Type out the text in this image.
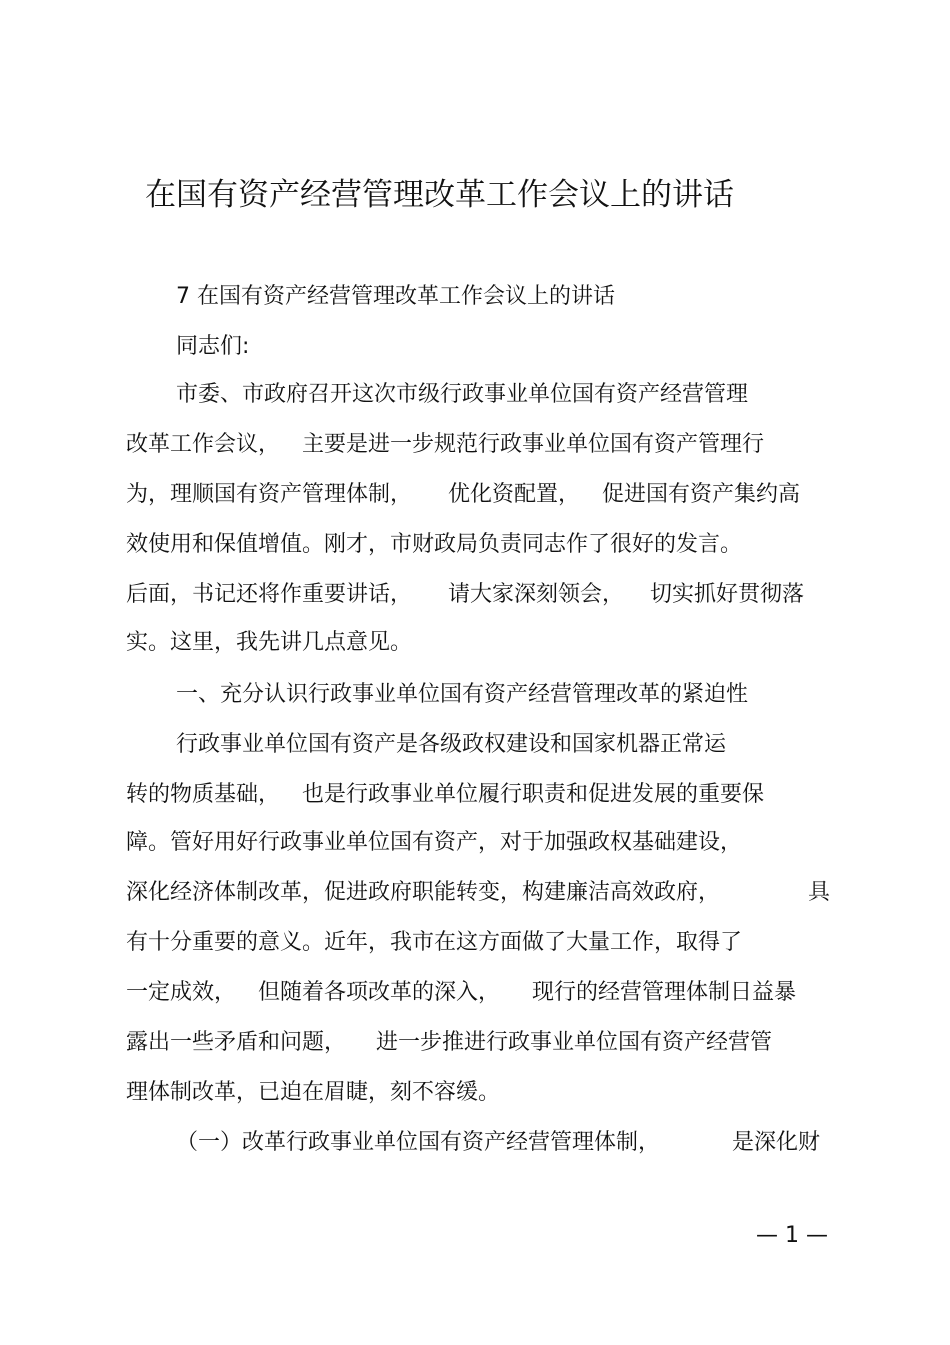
在国有资产经营管理改革工作会议上的讲话
7 在国有资产经营管理改革工作会议上的讲话
同志们:
市委、市政府召开这次市级行政事业单位国有资产经营管理
改革工作会议， 主要是进一步规范行政事业单位国有资产管理行
为，理顺国有资产管理体制， 优化资配置， 促进国有资产集约高
效使用和保值增值。刚才，市财政局负责同志作了很好的发言。
后面，书记还将作重要讲话， 请大家深刻领会， 切实抓好贯彻落
实。这里，我先讲几点意见。
一、充分认识行政事业单位国有资产经营管理改革的紧迫性
行政事业单位国有资产是各级政权建设和国家机器正常运
转的物质基础， 也是行政事业单位履行职责和促进发展的重要保
障。管好用好行政事业单位国有资产，对于加强政权基础建设，
深化经济体制改革，促进政府职能转变，构建廉洁高效政府，	具
有十分重要的意义。近年，我市在这方面做了大量工作，取得了
一定成效， 但随着各项改革的深入， 现行的经营管理体制日益暴
露出一些矛盾和问题， 进一步推进行政事业单位国有资产经营管
理体制改革，已迫在眉睫，刻不容缓。
（一）改革行政事业单位国有资产经营管理体制，	是深化财
— 1 —
